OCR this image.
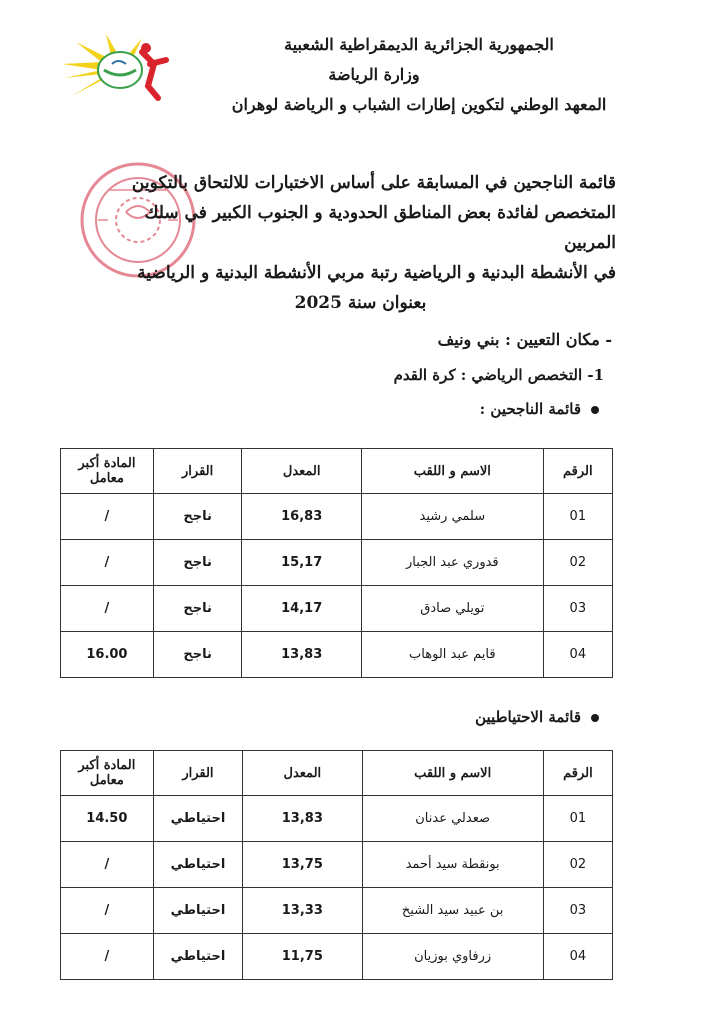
الجمهورية الجزائرية الديمقراطية الشعبية
وزارة الرياضة
المعهد الوطني لتكوين إطارات الشباب و الرياضة لوهران
قائمة الناجحين في المسابقة على أساس الاختبارات للالتحاق بالتكوين
المتخصص لفائدة بعض المناطق الحدودية و الجنوب الكبير في سلك المربين
في الأنشطة البدنية و الرياضية رتبة مربي الأنشطة البدنية و الرياضية
بعنوان سنة 2025
- مكان التعيين : بني ونيف
1- التخصص الرياضي : كرة القدم
قائمة الناجحين :
الرقم	الاسم و اللقب	المعدل	القرار	المادة أكبر معامل
01	سلمي رشيد	16,83	ناجح	/
02	قدوري عبد الجبار	15,17	ناجح	/
03	تويلي صادق	14,17	ناجح	/
04	قايم عبد الوهاب	13,83	ناجح	16.00
قائمة الاحتياطيين
الرقم	الاسم و اللقب	المعدل	القرار	المادة أكبر معامل
01	صعدلي عدنان	13,83	احتياطي	14.50
02	بونقطة سيد أحمد	13,75	احتياطي	/
03	بن عبيد سيد الشيخ	13,33	احتياطي	/
04	زرفاوي بوزيان	11,75	احتياطي	/
